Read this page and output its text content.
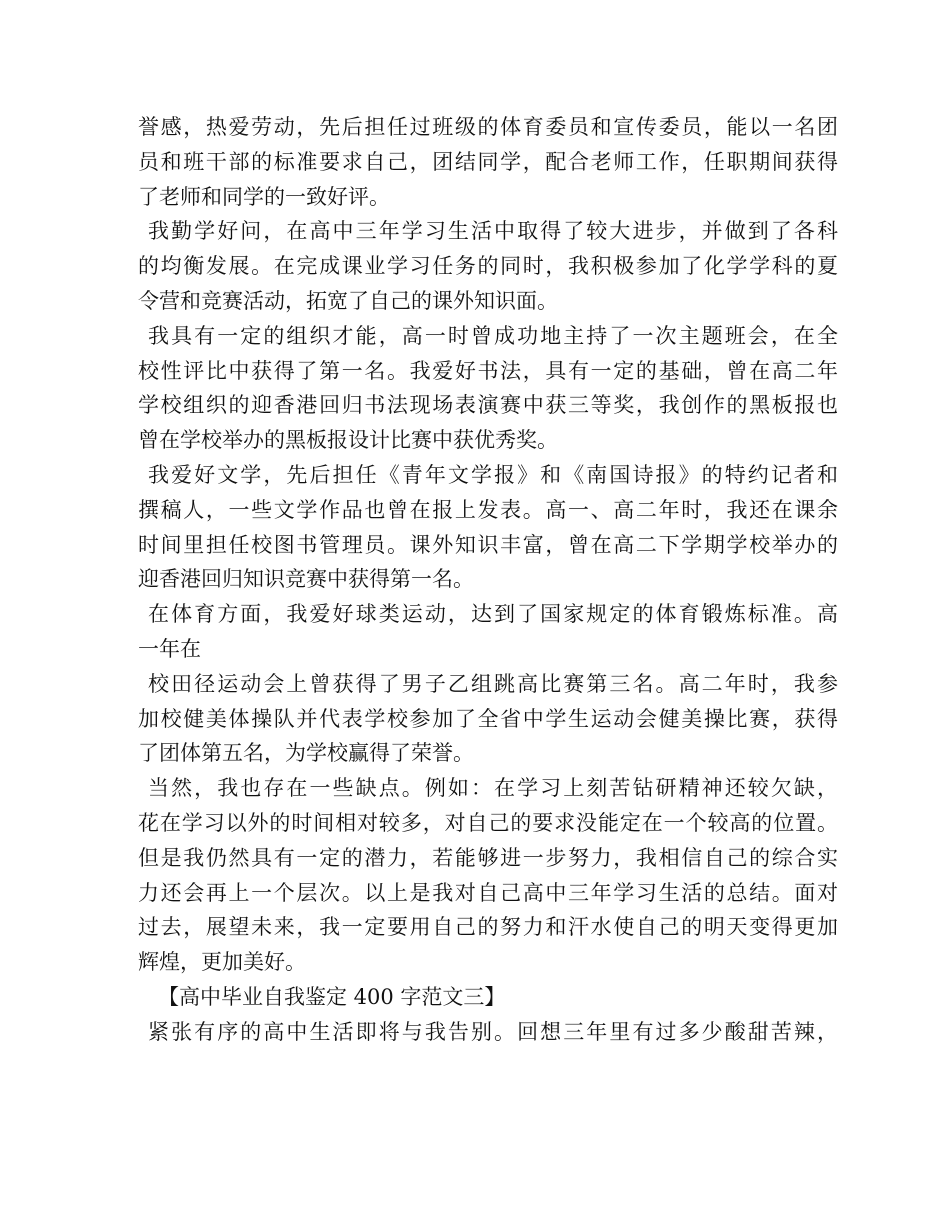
誉感，热爱劳动，先后担任过班级的体育委员和宣传委员，能以一名团
员和班干部的标准要求自己，团结同学，配合老师工作，任职期间获得
了老师和同学的一致好评。
我勤学好问，在高中三年学习生活中取得了较大进步，并做到了各科
的均衡发展。在完成课业学习任务的同时，我积极参加了化学学科的夏
令营和竞赛活动，拓宽了自己的课外知识面。
我具有一定的组织才能，高一时曾成功地主持了一次主题班会，在全
校性评比中获得了第一名。我爱好书法，具有一定的基础，曾在高二年
学校组织的迎香港回归书法现场表演赛中获三等奖，我创作的黑板报也
曾在学校举办的黑板报设计比赛中获优秀奖。
我爱好文学，先后担任《青年文学报》和《南国诗报》的特约记者和
撰稿人，一些文学作品也曾在报上发表。高一、高二年时，我还在课余
时间里担任校图书管理员。课外知识丰富，曾在高二下学期学校举办的
迎香港回归知识竞赛中获得第一名。
在体育方面，我爱好球类运动，达到了国家规定的体育锻炼标准。高
一年在
校田径运动会上曾获得了男子乙组跳高比赛第三名。高二年时，我参
加校健美体操队并代表学校参加了全省中学生运动会健美操比赛，获得
了团体第五名，为学校赢得了荣誉。
当然，我也存在一些缺点。例如：在学习上刻苦钻研精神还较欠缺，
花在学习以外的时间相对较多，对自己的要求没能定在一个较高的位置。
但是我仍然具有一定的潜力，若能够进一步努力，我相信自己的综合实
力还会再上一个层次。以上是我对自己高中三年学习生活的总结。面对
过去，展望未来，我一定要用自己的努力和汗水使自己的明天变得更加
辉煌，更加美好。
【高中毕业自我鉴定 400 字范文三】
紧张有序的高中生活即将与我告别。回想三年里有过多少酸甜苦辣，
